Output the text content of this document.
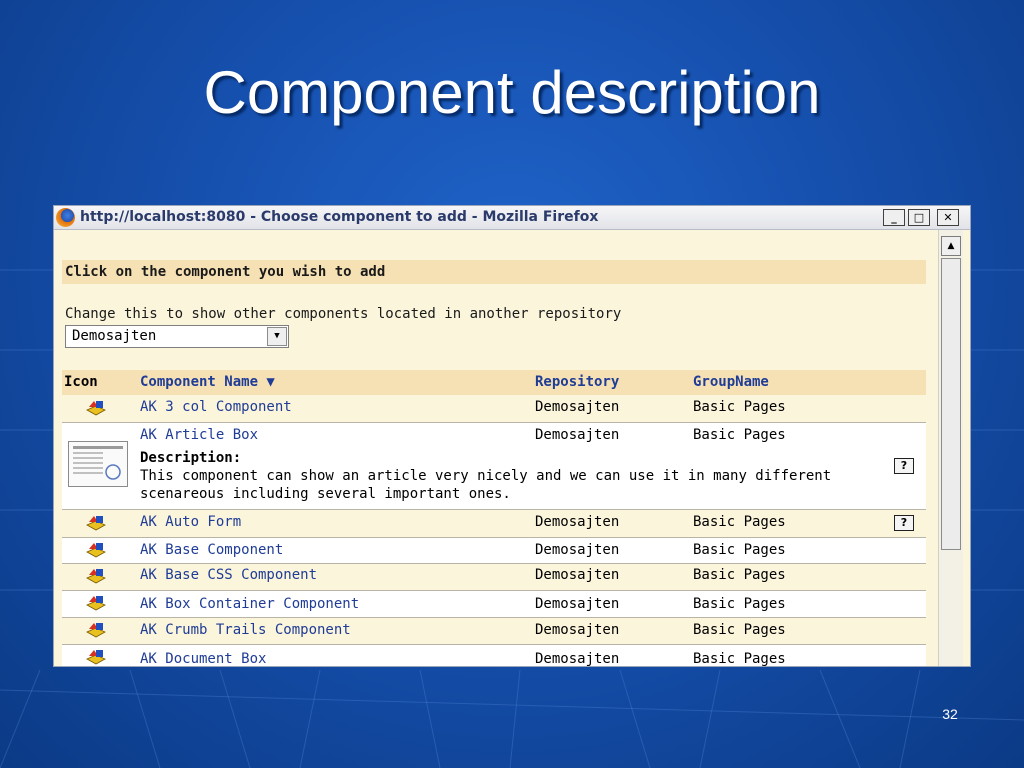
Component description
http://localhost:8080 - Choose component to add - Mozilla Firefox	_	□	✕
Click on the component you wish to add
Change this to show other components located in another repository
Demosajten	▼
Icon	Component Name ▼	Repository	GroupName
AK 3 col Component	Demosajten	Basic Pages
AK Article Box	Demosajten	Basic Pages
Description:
This component can show an article very nicely and we can use it in many different
scenareous including several important ones.
?
AK Auto Form	Demosajten	Basic Pages	?
AK Base Component	Demosajten	Basic Pages
AK Base CSS Component	Demosajten	Basic Pages
AK Box Container Component	Demosajten	Basic Pages
AK Crumb Trails Component	Demosajten	Basic Pages
AK Document Box	Demosajten	Basic Pages
▲
32
